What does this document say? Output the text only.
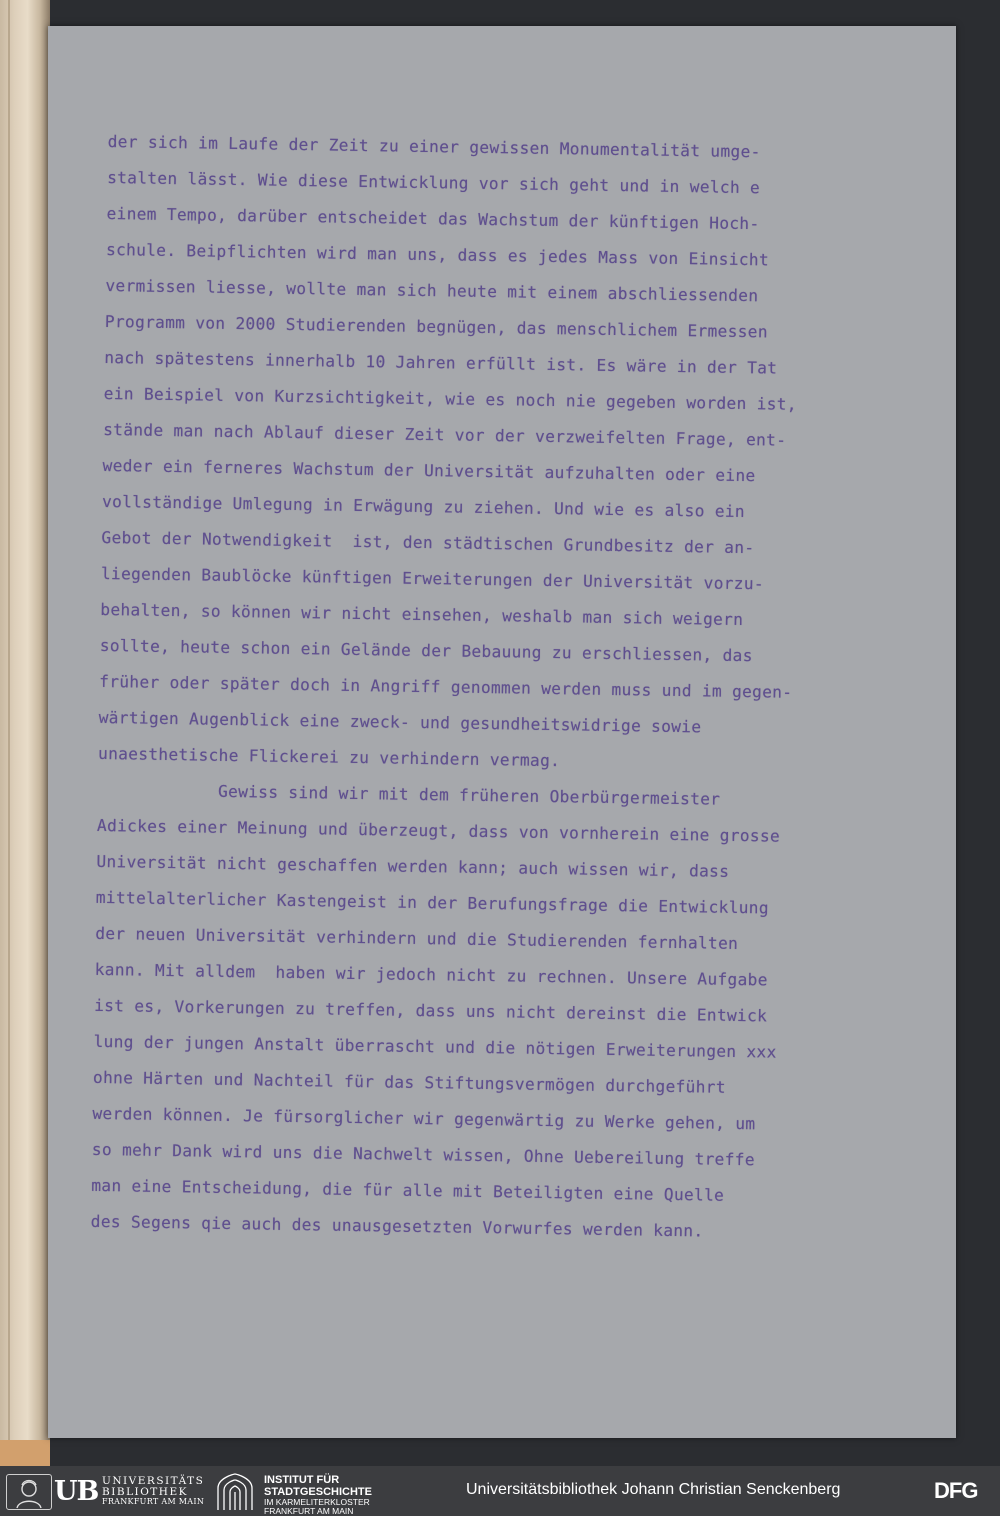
der sich im Laufe der Zeit zu einer gewissen Monumentalität umge-
stalten lässt. Wie diese Entwicklung vor sich geht und in welch e
einem Tempo, darüber entscheidet das Wachstum der künftigen Hoch-
schule. Beipflichten wird man uns, dass es jedes Mass von Einsicht
vermissen liesse, wollte man sich heute mit einem abschliessenden
Programm von 2000 Studierenden begnügen, das menschlichem Ermessen
nach spätestens innerhalb 10 Jahren erfüllt ist. Es wäre in der Tat
ein Beispiel von Kurzsichtigkeit, wie es noch nie gegeben worden ist,
stände man nach Ablauf dieser Zeit vor der verzweifelten Frage, ent-
weder ein ferneres Wachstum der Universität aufzuhalten oder eine
vollständige Umlegung in Erwägung zu ziehen. Und wie es also ein
Gebot der Notwendigkeit  ist, den städtischen Grundbesitz der an-
liegenden Baublöcke künftigen Erweiterungen der Universität vorzu-
behalten, so können wir nicht einsehen, weshalb man sich weigern
sollte, heute schon ein Gelände der Bebauung zu erschliessen, das
früher oder später doch in Angriff genommen werden muss und im gegen-
wärtigen Augenblick eine zweck- und gesundheitswidrige sowie
unaesthetische Flickerei zu verhindern vermag.
Gewiss sind wir mit dem früheren Oberbürgermeister
Adickes einer Meinung und überzeugt, dass von vornherein eine grosse
Universität nicht geschaffen werden kann; auch wissen wir, dass
mittelalterlicher Kastengeist in der Berufungsfrage die Entwicklung
der neuen Universität verhindern und die Studierenden fernhalten
kann. Mit alldem  haben wir jedoch nicht zu rechnen. Unsere Aufgabe
ist es, Vorkerungen zu treffen, dass uns nicht dereinst die Entwick
lung der jungen Anstalt überrascht und die nötigen Erweiterungen xxx
ohne Härten und Nachteil für das Stiftungsvermögen durchgeführt
werden können. Je fürsorglicher wir gegenwärtig zu Werke gehen, um
so mehr Dank wird uns die Nachwelt wissen, Ohne Uebereilung treffe
man eine Entscheidung, die für alle mit Beteiligten eine Quelle
des Segens qie auch des unausgesetzten Vorwurfes werden kann.
UB UNIVERSITÄTS
BIBLIOTHEK
FRANKFURT AM MAIN
INSTITUT FÜR
STADTGESCHICHTE
IM KARMELITERKLOSTER
FRANKFURT AM MAIN
Universitätsbibliothek Johann Christian Senckenberg	DFG
